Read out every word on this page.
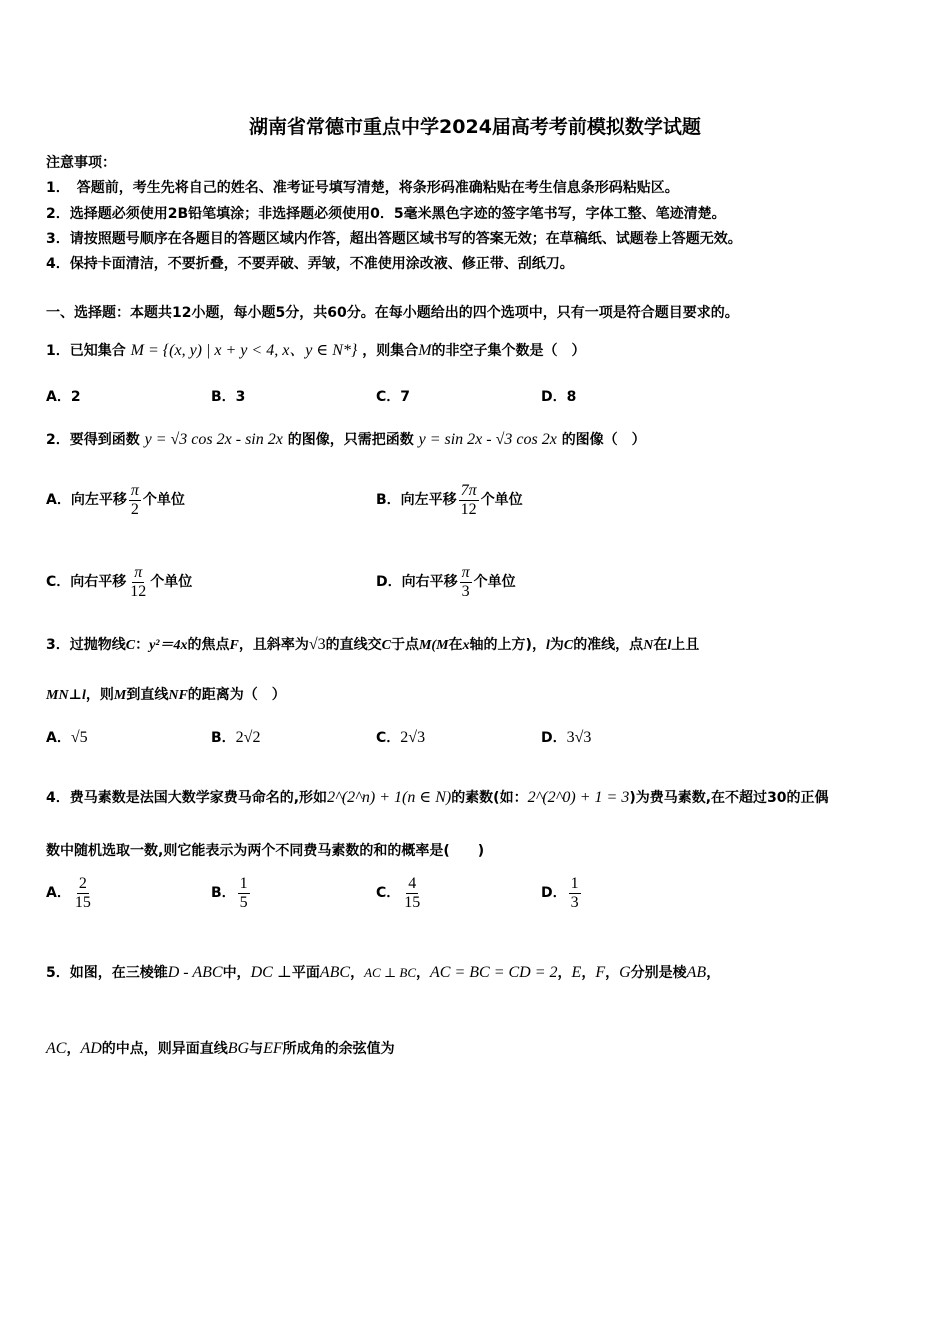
湖南省常德市重点中学2024届高考考前模拟数学试题
注意事项：
1．　答题前，考生先将自己的姓名、准考证号填写清楚，将条形码准确粘贴在考生信息条形码粘贴区。
2．选择题必须使用2B铅笔填涂；非选择题必须使用0．5毫米黑色字迹的签字笔书写，字体工整、笔迹清楚。
3．请按照题号顺序在各题目的答题区域内作答，超出答题区域书写的答案无效；在草稿纸、试题卷上答题无效。
4．保持卡面清洁，不要折叠，不要弄破、弄皱，不准使用涂改液、修正带、刮纸刀。
一、选择题：本题共12小题，每小题5分，共60分。在每小题给出的四个选项中，只有一项是符合题目要求的。
1．已知集合 M = {(x, y) | x + y < 4, x、y ∈ N*} ，则集合M的非空子集个数是（　）
A．2	B．3	C．7	D．8
2．要得到函数 y = √3 cos 2x - sin 2x 的图像，只需把函数 y = sin 2x - √3 cos 2x 的图像（　）
A．向左平移 $\frac{\pi}{2}$ 个单位	B．向左平移 $\frac{7\pi}{12}$ 个单位
C．向右平移 $\frac{\pi}{12}$ 个单位	D．向右平移 $\frac{\pi}{3}$ 个单位
3．过抛物线C：y²＝4x的焦点F，且斜率为√3的直线交C于点M(M在x轴的上方)，l为C的准线，点N在l上且
MN⊥l，则M到直线NF的距离为（　）
A．√5	B．2√2	C．2√3	D．3√3
4．费马素数是法国大数学家费马命名的,形如2^(2^n) + 1(n ∈ N)的素数(如：2^(2^0) + 1 = 3)为费马素数,在不超过30的正偶
数中随机选取一数,则它能表示为两个不同费马素数的和的概率是(　　)
A． $\frac{2}{15}$	B． $\frac{1}{5}$	C． $\frac{4}{15}$	D． $\frac{1}{3}$
5．如图，在三棱锥D - ABC中，DC ⊥平面ABC，AC ⊥ BC，AC = BC = CD = 2，E，F，G分别是棱AB，
AC，AD的中点，则异面直线BG与EF所成角的余弦值为
